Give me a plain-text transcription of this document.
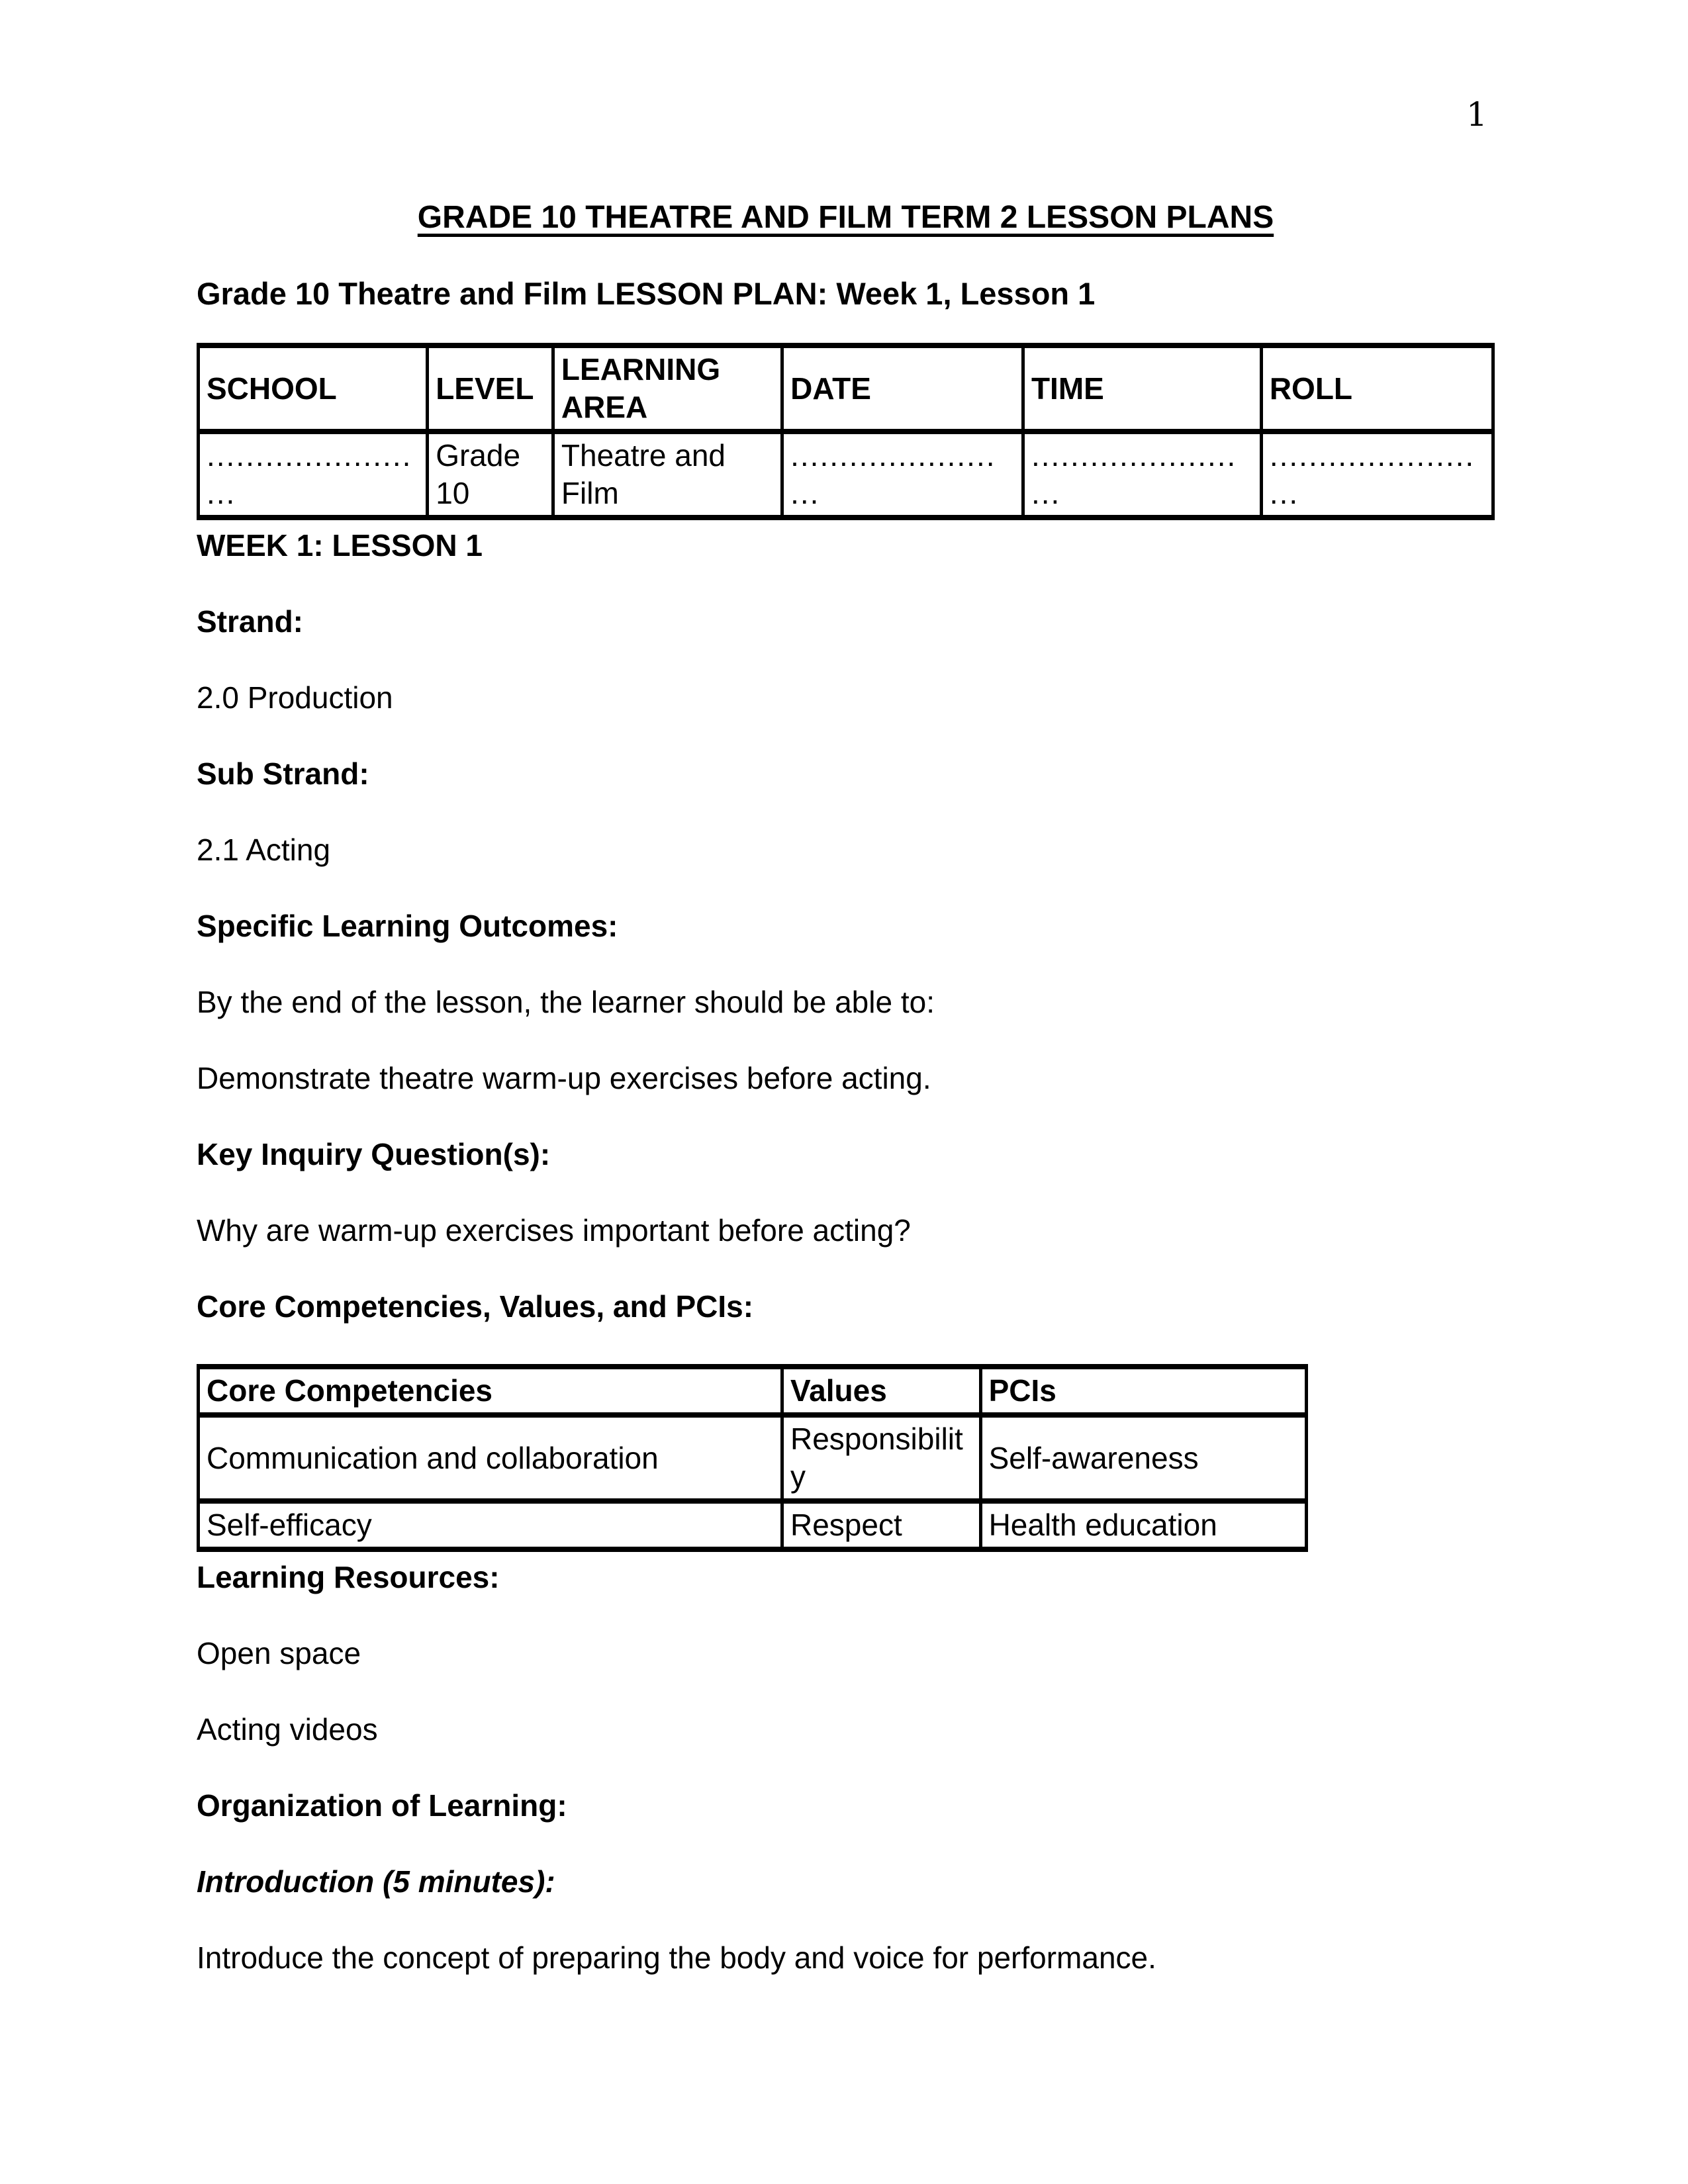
1

GRADE 10 THEATRE AND FILM TERM 2 LESSON PLANS

Grade 10 Theatre and Film LESSON PLAN: Week 1, Lesson 1

SCHOOL	LEVEL	LEARNING AREA	DATE	TIME	ROLL
..................... ...	Grade 10	Theatre and Film	..................... ...	..................... ...	..................... ...

WEEK 1: LESSON 1

Strand:

2.0 Production

Sub Strand:

2.1 Acting

Specific Learning Outcomes:

By the end of the lesson, the learner should be able to:

Demonstrate theatre warm-up exercises before acting.

Key Inquiry Question(s):

Why are warm-up exercises important before acting?

Core Competencies, Values, and PCIs:

Core Competencies	Values	PCIs
Communication and collaboration	Responsibility	Self-awareness
Self-efficacy	Respect	Health education

Learning Resources:

Open space

Acting videos

Organization of Learning:

Introduction (5 minutes):

Introduce the concept of preparing the body and voice for performance.
